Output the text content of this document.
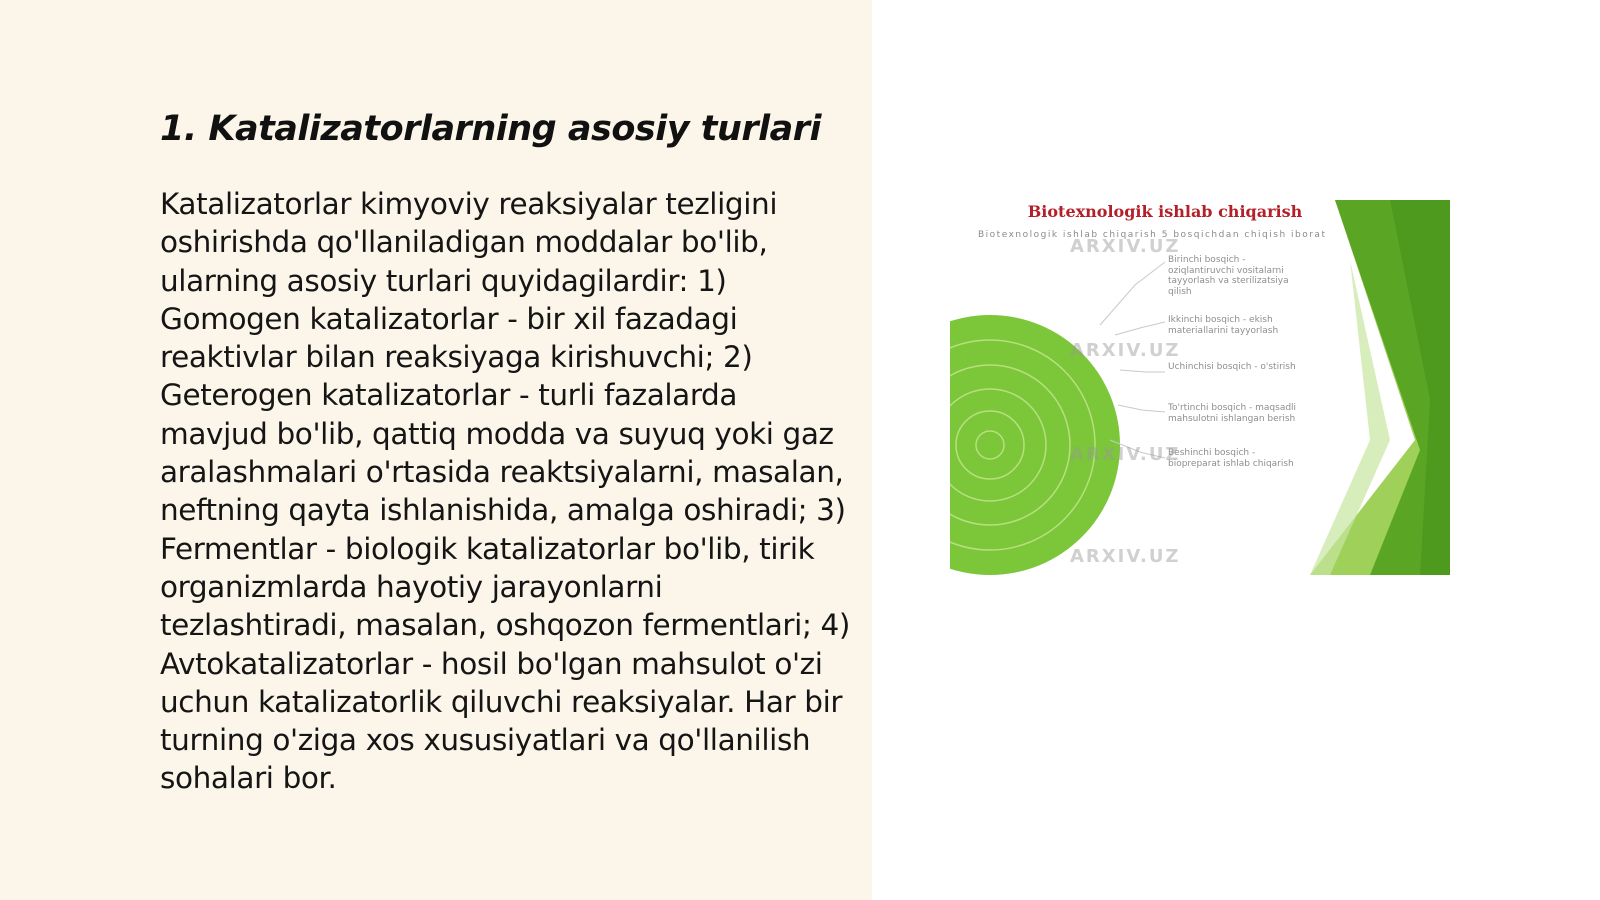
1. Katalizatorlarning asosiy turlari

Katalizatorlar kimyoviy reaksiyalar tezligini oshirishda qo'llaniladigan moddalar bo'lib, ularning asosiy turlari quyidagilardir: 1) Gomogen katalizatorlar - bir xil fazadagi reaktivlar bilan reaksiyaga kirishuvchi; 2) Geterogen katalizatorlar - turli fazalarda mavjud bo'lib, qattiq modda va suyuq yoki gaz aralashmalari o'rtasida reaktsiyalarni, masalan, neftning qayta ishlanishida, amalga oshiradi; 3) Fermentlar - biologik katalizatorlar bo'lib, tirik organizmlarda hayotiy jarayonlarni tezlashtiradi, masalan, oshqozon fermentlari; 4) Avtokatalizatorlar - hosil bo'lgan mahsulot o'zi uchun katalizatorlik qiluvchi reaksiyalar. Har bir turning o'ziga xos xususiyatlari va qo'llanilish sohalari bor.

Biotexnologik ishlab chiqarish
Biotexnologik ishlab chiqarish 5 bosqichdan chiqish iborat
Birinchi bosqich - oziqlantiruvchi vositalarni tayyorlash va sterilizatsiya qilish
Ikkinchi bosqich - ekish materiallarini tayyorlash
Uchinchisi bosqich - o'stirish
To'rtinchi bosqich - maqsadli mahsulotni ishlangan berish
Beshinchi bosqich - biopreparat ishlab chiqarish
ARXIV.UZ
ARXIV.UZ
ARXIV.UZ
ARXIV.UZ
